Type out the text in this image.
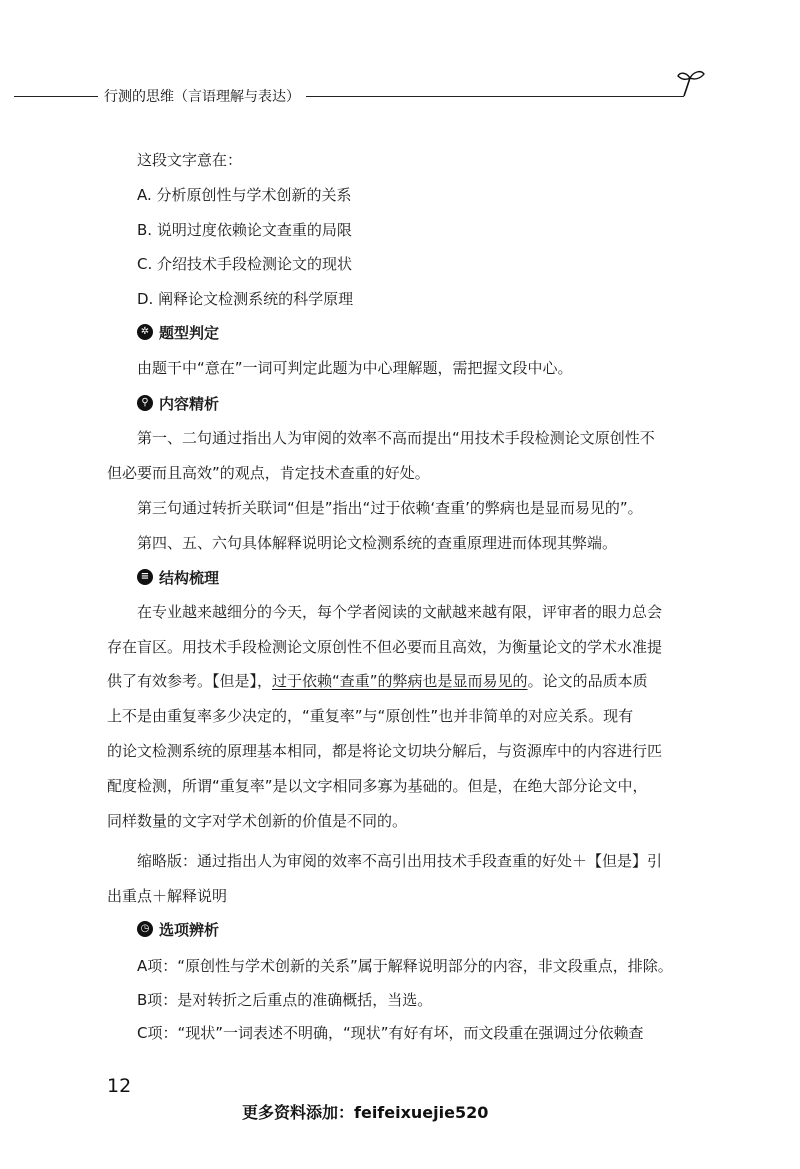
行测的思维（言语理解与表达）
这段文字意在：
A. 分析原创性与学术创新的关系
B. 说明过度依赖论文查重的局限
C. 介绍技术手段检测论文的现状
D. 阐释论文检测系统的科学原理
✲ 题型判定
由题干中“意在”一词可判定此题为中心理解题，需把握文段中心。
⚲ 内容精析
第一、二句通过指出人为审阅的效率不高而提出“用技术手段检测论文原创性不
但必要而且高效”的观点，肯定技术查重的好处。
第三句通过转折关联词“但是”指出“过于依赖‘查重’的弊病也是显而易见的”。
第四、五、六句具体解释说明论文检测系统的查重原理进而体现其弊端。
≡ 结构梳理
在专业越来越细分的今天，每个学者阅读的文献越来越有限，评审者的眼力总会
存在盲区。用技术手段检测论文原创性不但必要而且高效，为衡量论文的学术水准提
供了有效参考。【但是】，过于依赖“查重”的弊病也是显而易见的。论文的品质本质
上不是由重复率多少决定的，“重复率”与“原创性”也并非简单的对应关系。现有
的论文检测系统的原理基本相同，都是将论文切块分解后，与资源库中的内容进行匹
配度检测，所谓“重复率”是以文字相同多寡为基础的。但是，在绝大部分论文中，
同样数量的文字对学术创新的价值是不同的。
缩略版：通过指出人为审阅的效率不高引出用技术手段查重的好处＋【但是】引
出重点＋解释说明
◷ 选项辨析
A项：“原创性与学术创新的关系”属于解释说明部分的内容，非文段重点，排除。
B项：是对转折之后重点的准确概括，当选。
C项：“现状”一词表述不明确，“现状”有好有坏，而文段重在强调过分依赖查
12
更多资料添加：feifeixuejie520
